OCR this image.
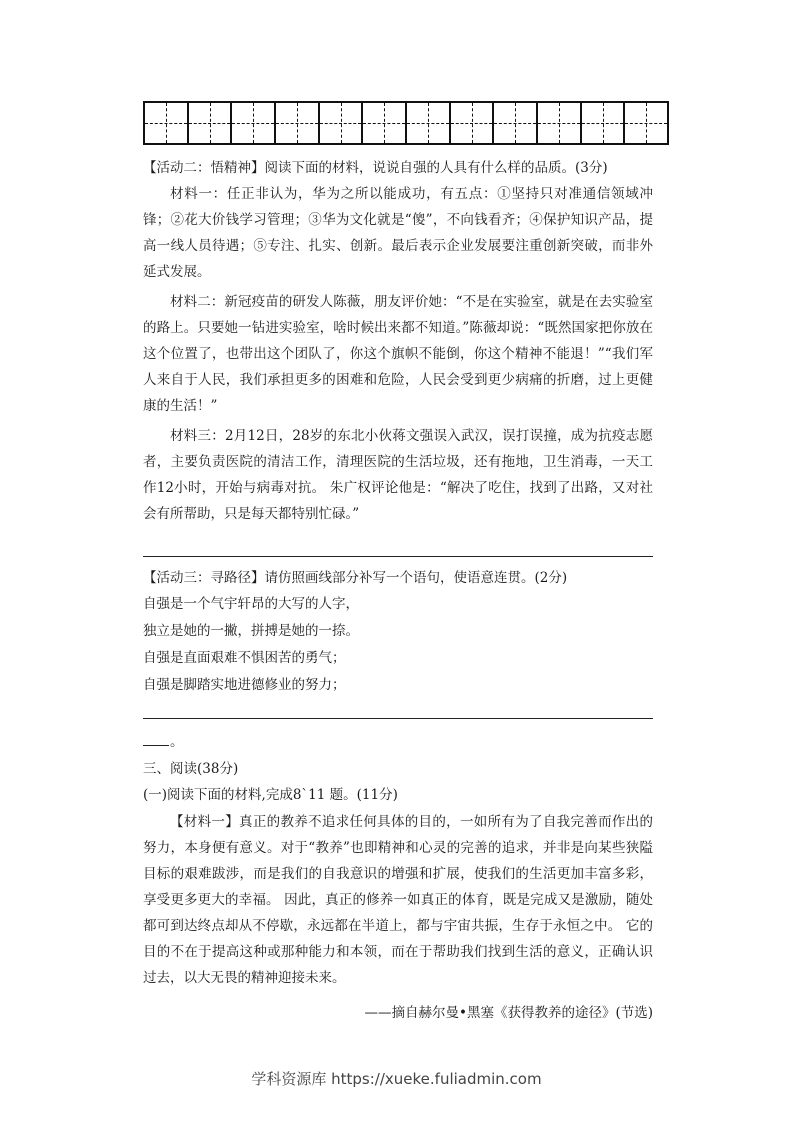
【活动二：悟精神】阅读下面的材料，说说自强的人具有什么样的品质。(3分)

材料一：任正非认为，华为之所以能成功，有五点：①坚持只对准通信领域冲锋；②花大价钱学习管理；③华为文化就是“傻”，不向钱看齐；④保护知识产品，提高一线人员待遇；⑤专注、扎实、创新。最后表示企业发展要注重创新突破，而非外延式发展。

材料二：新冠疫苗的研发人陈薇，朋友评价她：“不是在实验室，就是在去实验室的路上。只要她一钻进实验室，啥时候出来都不知道。”陈薇却说：“既然国家把你放在这个位置了，也带出这个团队了，你这个旗帜不能倒，你这个精神不能退！”“我们军人来自于人民，我们承担更多的困难和危险，人民会受到更少病痛的折磨，过上更健康的生活！”

材料三：2月12日，28岁的东北小伙蒋文强误入武汉，误打误撞，成为抗疫志愿者，主要负责医院的清洁工作，清理医院的生活垃圾，还有拖地，卫生消毒，一天工作12小时，开始与病毒对抗。 朱广权评论他是：“解决了吃住，找到了出路，又对社会有所帮助，只是每天都特别忙碌。”

【活动三：寻路径】请仿照画线部分补写一个语句，使语意连贯。(2分)
自强是一个气宇轩昂的大写的人字，
独立是她的一撇，拼搏是她的一捺。
自强是直面艰难不惧困苦的勇气；
自强是脚踏实地进德修业的努力；
。
三、阅读(38分)
(一)阅读下面的材料,完成8`11 题。(11分)

【材料一】真正的教养不追求任何具体的目的，一如所有为了自我完善而作出的努力，本身便有意义。对于“教养”也即精神和心灵的完善的追求，并非是向某些狭隘目标的艰难跋涉，而是我们的自我意识的增强和扩展，使我们的生活更加丰富多彩，享受更多更大的幸福。 因此，真正的修养一如真正的体育，既是完成又是激励，随处都可到达终点却从不停歇，永远都在半道上，都与宇宙共振，生存于永恒之中。 它的目的不在于提高这种或那种能力和本领，而在于帮助我们找到生活的意义，正确认识过去，以大无畏的精神迎接未来。

——摘自赫尔曼•黑塞《获得教养的途径》(节选)
学科资源库 https://xueke.fuliadmin.com
